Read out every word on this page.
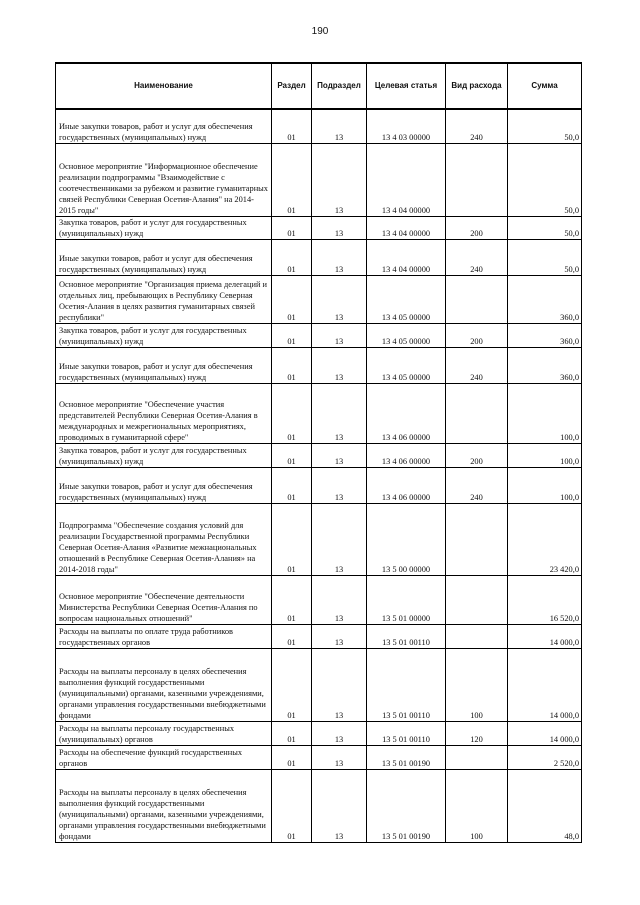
190
Наименование	Раздел	Подраздел	Целевая статья	Вид расхода	Сумма
Иные закупки товаров, работ и услуг для обеспечения государственных (муниципальных) нужд	01	13	13 4 03 00000	240	50,0
Основное мероприятие "Информационное обеспечение реализации подпрограммы "Взаимодействие с соотечественниками за рубежом и развитие гуманитарных связей Республики Северная Осетия-Алания" на 2014-2015 годы"	01	13	13 4 04 00000		50,0
Закупка товаров, работ и услуг для государственных (муниципальных) нужд	01	13	13 4 04 00000	200	50,0
Иные закупки товаров, работ и услуг для обеспечения государственных (муниципальных) нужд	01	13	13 4 04 00000	240	50,0
Основное мероприятие "Организация приема делегаций и отдельных лиц, пребывающих в Республику Северная Осетия-Алания в целях развития гуманитарных связей республики"	01	13	13 4 05 00000		360,0
Закупка товаров, работ и услуг для государственных (муниципальных) нужд	01	13	13 4 05 00000	200	360,0
Иные закупки товаров, работ и услуг для обеспечения государственных (муниципальных) нужд	01	13	13 4 05 00000	240	360,0
Основное мероприятие "Обеспечение участия представителей Республики Северная Осетия-Алания в международных и межрегиональных мероприятиях, проводимых в гуманитарной сфере"	01	13	13 4 06 00000		100,0
Закупка товаров, работ и услуг для государственных (муниципальных) нужд	01	13	13 4 06 00000	200	100,0
Иные закупки товаров, работ и услуг для обеспечения государственных (муниципальных) нужд	01	13	13 4 06 00000	240	100,0
Подпрограмма "Обеспечение создания условий для реализации Государственной программы Республики Северная Осетия-Алания «Развитие межнациональных отношений в Республике Северная Осетия-Алания» на 2014-2018 годы"	01	13	13 5 00 00000		23 420,0
Основное мероприятие "Обеспечение деятельности Министерства Республики Северная Осетия-Алания по вопросам национальных отношений"	01	13	13 5 01 00000		16 520,0
Расходы на выплаты по оплате труда работников государственных органов	01	13	13 5 01 00110		14 000,0
Расходы на выплаты персоналу в целях обеспечения выполнения функций государственными (муниципальными) органами, казенными учреждениями, органами управления государственными внебюджетными фондами	01	13	13 5 01 00110	100	14 000,0
Расходы на выплаты персоналу государственных (муниципальных) органов	01	13	13 5 01 00110	120	14 000,0
Расходы на обеспечение функций государственных органов	01	13	13 5 01 00190		2 520,0
Расходы на выплаты персоналу в целях обеспечения выполнения функций государственными (муниципальными) органами, казенными учреждениями, органами управления государственными внебюджетными фондами	01	13	13 5 01 00190	100	48,0
